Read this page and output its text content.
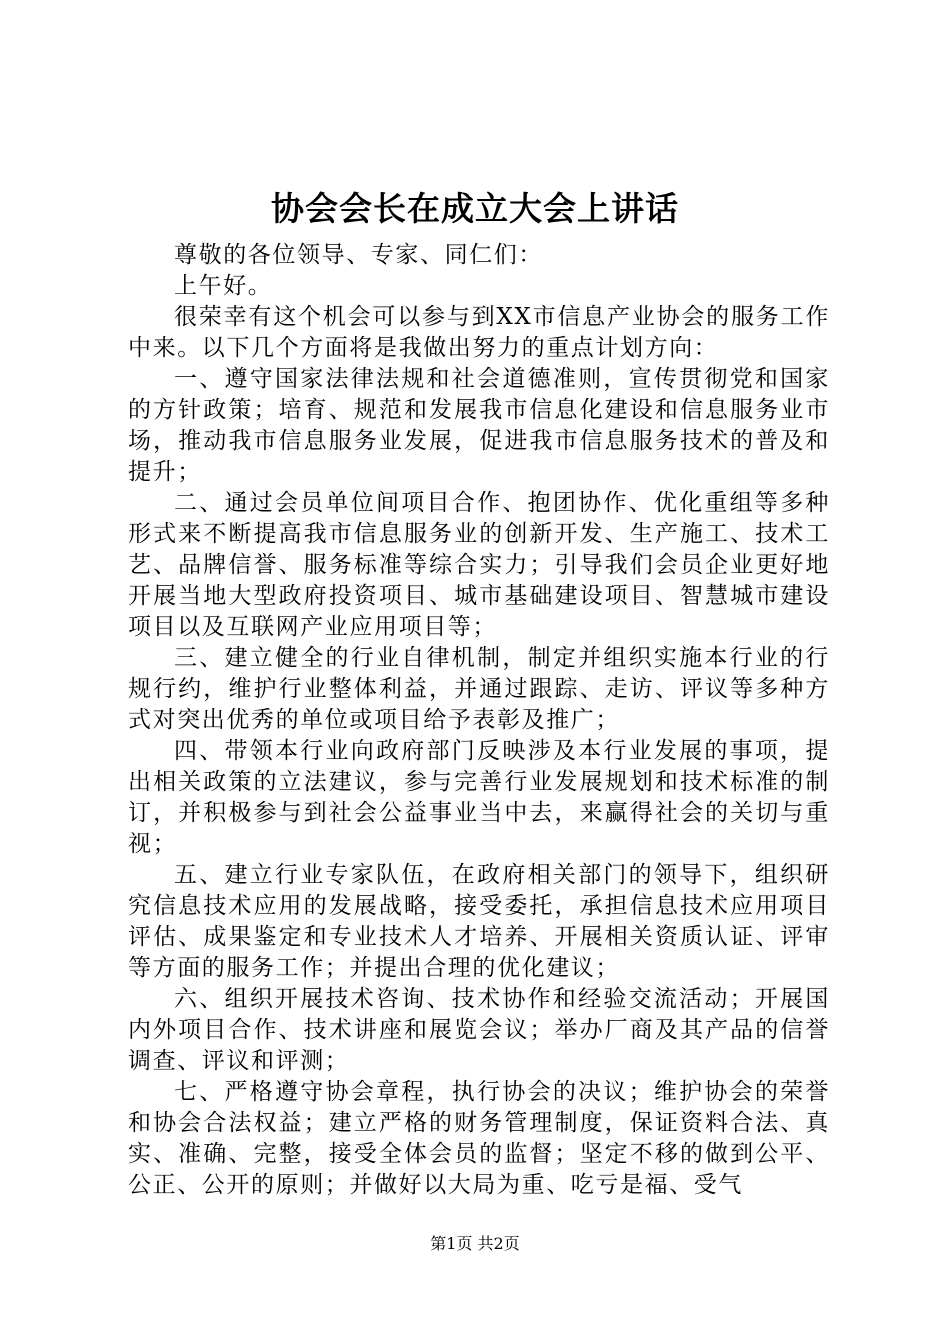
协会会长在成立大会上讲话

尊敬的各位领导、专家、同仁们：

上午好。

很荣幸有这个机会可以参与到XX市信息产业协会的服务工作中来。以下几个方面将是我做出努力的重点计划方向：

一、遵守国家法律法规和社会道德准则，宣传贯彻党和国家的方针政策；培育、规范和发展我市信息化建设和信息服务业市场，推动我市信息服务业发展，促进我市信息服务技术的普及和提升；

二、通过会员单位间项目合作、抱团协作、优化重组等多种形式来不断提高我市信息服务业的创新开发、生产施工、技术工艺、品牌信誉、服务标准等综合实力；引导我们会员企业更好地开展当地大型政府投资项目、城市基础建设项目、智慧城市建设项目以及互联网产业应用项目等；

三、建立健全的行业自律机制，制定并组织实施本行业的行规行约，维护行业整体利益，并通过跟踪、走访、评议等多种方式对突出优秀的单位或项目给予表彰及推广；

四、带领本行业向政府部门反映涉及本行业发展的事项，提出相关政策的立法建议，参与完善行业发展规划和技术标准的制订，并积极参与到社会公益事业当中去，来赢得社会的关切与重视；

五、建立行业专家队伍，在政府相关部门的领导下，组织研究信息技术应用的发展战略，接受委托，承担信息技术应用项目评估、成果鉴定和专业技术人才培养、开展相关资质认证、评审等方面的服务工作；并提出合理的优化建议；

六、组织开展技术咨询、技术协作和经验交流活动；开展国内外项目合作、技术讲座和展览会议；举办厂商及其产品的信誉调查、评议和评测；

七、严格遵守协会章程，执行协会的决议；维护协会的荣誉和协会合法权益；建立严格的财务管理制度，保证资料合法、真实、准确、完整，接受全体会员的监督；坚定不移的做到公平、公正、公开的原则；并做好以大局为重、吃亏是福、受气

第1页 共2页
